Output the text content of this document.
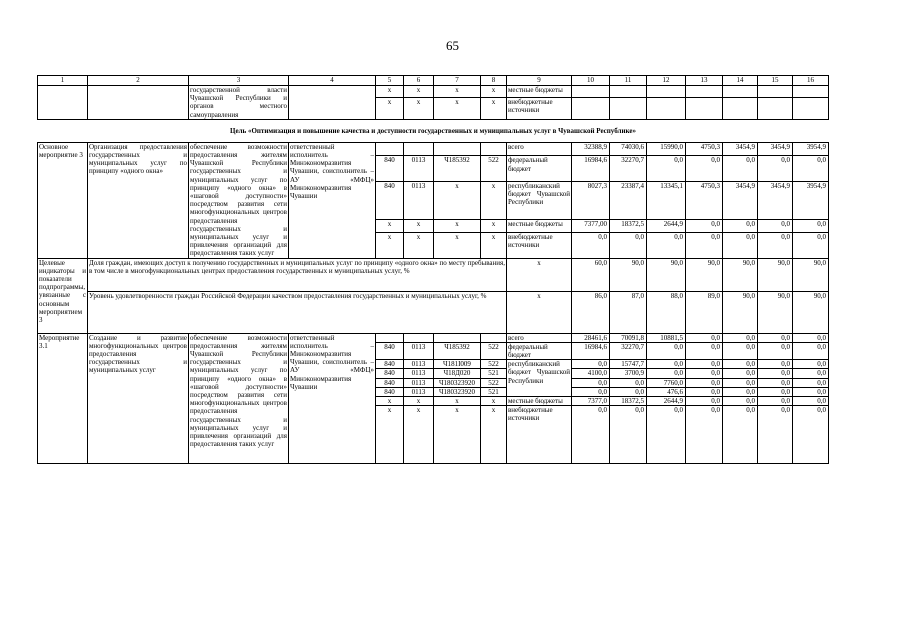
65
1	2	3	4	5	6	7	8	9	10	11	12	13	14	15	16
		государственной власти Чувашской Республики и органов местного самоуправления		x	x	x	x	местные бюджеты							
				x	x	x	x	внебюджетные источники							
Цель «Оптимизация и повышение качества и доступности государственных и муниципальных услуг в Чувашской Республике»															
Основное мероприятие 3	Организация предоставления государственных и муниципальных услуг по принципу «одного окна»	обеспечение возможности предоставления жителям Чувашской Республики государственных и муниципальных услуг по принципу «одного окна» в «шаговой доступности» посредством развития сети многофункциональных центров предоставления государственных и муниципальных услуг и привлечения организаций для предоставления таких услуг	ответственный исполнитель – Минэкономразвития Чувашии, соисполнитель – АУ «МФЦ» Минэкономразвития Чувашии					всего	32388,9	74030,6	15990,0	4750,3	3454,9	3454,9	3954,9
				840	0113	Ч185392	522	федеральный бюджет	16984,6	32270,7	0,0	0,0	0,0	0,0	0,0
				840	0113	x	x	республиканский бюджет Чувашской Республики	8027,3	23387,4	13345,1	4750,3	3454,9	3454,9	3954,9
				x	x	x	x	местные бюджеты	7377,00	18372,5	2644,9	0,0	0,0	0,0	0,0
				x	x	x	x	внебюджетные источники	0,0	0,0	0,0	0,0	0,0	0,0	0,0
Целевые индикаторы и показатели подпрограммы, увязанные с основным мероприятием 3	Доля граждан, имеющих доступ к получению государственных и муниципальных услуг по принципу «одного окна» по месту пребывания, в том числе в многофункциональных центрах предоставления государственных и муниципальных услуг, %							x	60,0	90,0	90,0	90,0	90,0	90,0	90,0
	Уровень удовлетворенности граждан Российской Федерации качеством предоставления государственных и муниципальных услуг, %							x	86,0	87,0	88,0	89,0	90,0	90,0	90,0
Мероприятие 3.1	Создание и развитие многофункциональных центров предоставления государственных и муниципальных услуг	обеспечение возможности предоставления жителям Чувашской Республики государственных и муниципальных услуг по принципу «одного окна» в «шаговой доступности» посредством развития сети многофункциональных центров предоставления государственных и муниципальных услуг и привлечения организаций для предоставления таких услуг	ответственный исполнитель – Минэкономразвития Чувашии, соисполнитель – АУ «МФЦ» Минэкономразвития Чувашии					всего	28461,6	70091,8	10881,5	0,0	0,0	0,0	0,0
				840	0113	Ч185392	522	федеральный бюджет	16984,6	32270,7	0,0	0,0	0,0	0,0	0,0
				840	0113	Ч181I009	522	республиканский бюджет Чувашской Республики	0,0	15747,7	0,0	0,0	0,0	0,0	0,0
				840	0113	Ч18Д020	521		4100,0	3700,9	0,0	0,0	0,0	0,0	0,0
				840	0113	Ч180323920	522		0,0	0,0	7760,0	0,0	0,0	0,0	0,0
				840	0113	Ч180323920	521		0,0	0,0	476,6	0,0	0,0	0,0	0,0
				x	x	x	x	местные бюджеты	7377,0	18372,5	2644,9	0,0	0,0	0,0	0,0
				x	x	x	x	внебюджетные источники	0,0	0,0	0,0	0,0	0,0	0,0	0,0
